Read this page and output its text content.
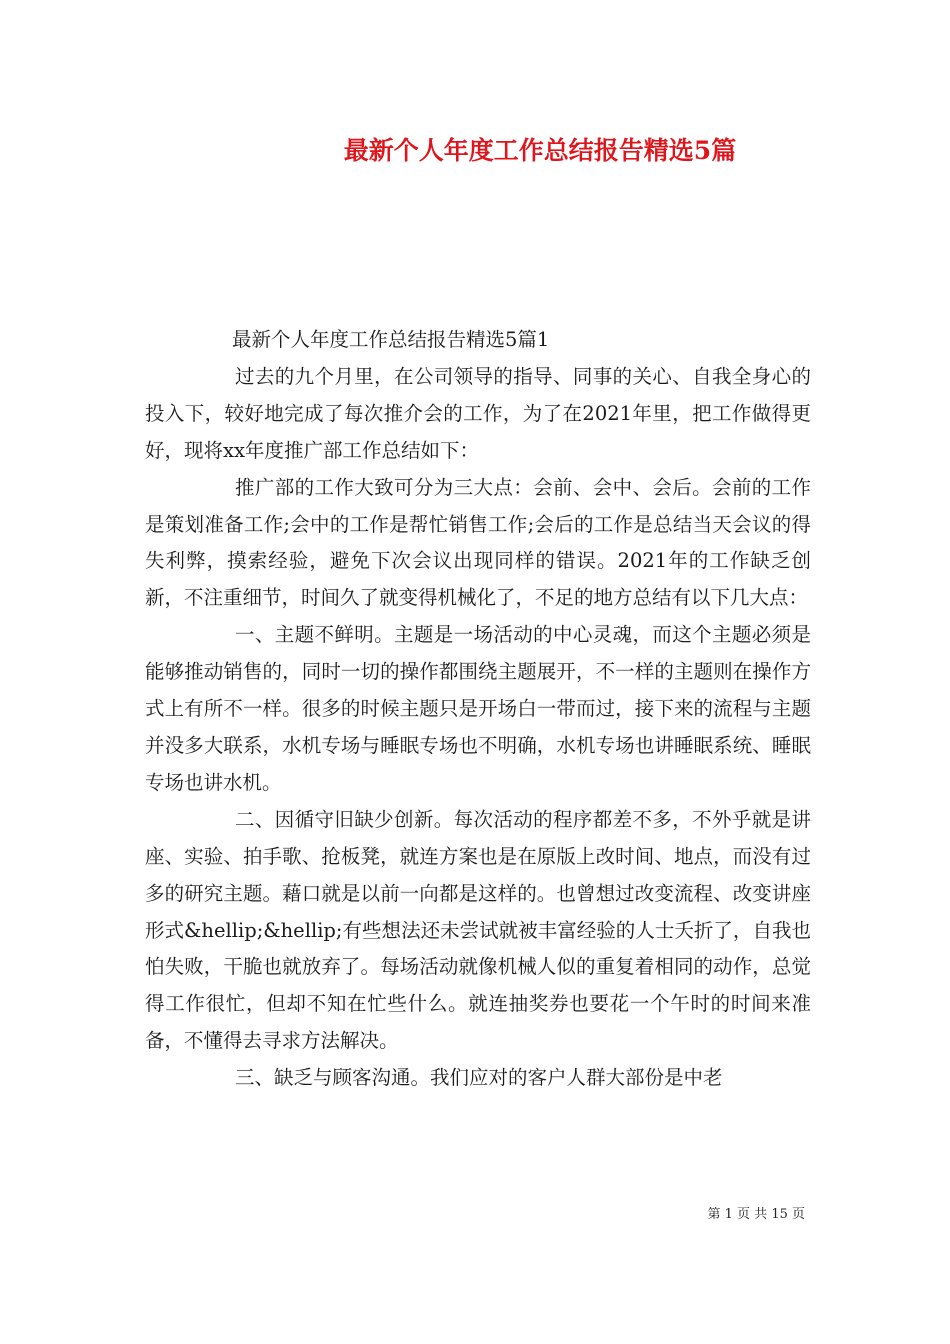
最新个人年度工作总结报告精选5篇

最新个人年度工作总结报告精选5篇1

过去的九个月里，在公司领导的指导、同事的关心、自我全身心的投入下，较好地完成了每次推介会的工作，为了在2021年里，把工作做得更好，现将xx年度推广部工作总结如下：

推广部的工作大致可分为三大点：会前、会中、会后。会前的工作是策划准备工作;会中的工作是帮忙销售工作;会后的工作是总结当天会议的得失利弊，摸索经验，避免下次会议出现同样的错误。2021年的工作缺乏创新，不注重细节，时间久了就变得机械化了，不足的地方总结有以下几大点：

一、主题不鲜明。主题是一场活动的中心灵魂，而这个主题必须是能够推动销售的，同时一切的操作都围绕主题展开，不一样的主题则在操作方式上有所不一样。很多的时候主题只是开场白一带而过，接下来的流程与主题并没多大联系，水机专场与睡眠专场也不明确，水机专场也讲睡眠系统、睡眠专场也讲水机。

二、因循守旧缺少创新。每次活动的程序都差不多，不外乎就是讲座、实验、拍手歌、抢板凳，就连方案也是在原版上改时间、地点，而没有过多的研究主题。藉口就是以前一向都是这样的。也曾想过改变流程、改变讲座形式&hellip;&hellip;有些想法还未尝试就被丰富经验的人士夭折了，自我也怕失败，干脆也就放弃了。每场活动就像机械人似的重复着相同的动作，总觉得工作很忙，但却不知在忙些什么。就连抽奖券也要花一个午时的时间来准备，不懂得去寻求方法解决。

三、缺乏与顾客沟通。我们应对的客户人群大部份是中老

第 1 页 共 15 页
